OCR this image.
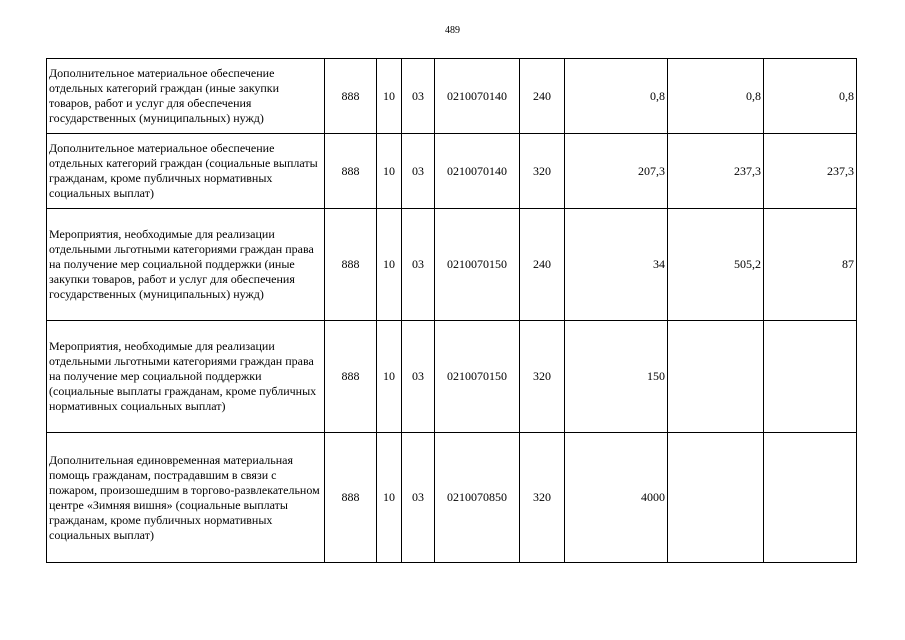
489
Дополнительное материальное обеспечение отдельных категорий граждан (иные закупки товаров, работ и услуг для обеспечения государственных (муниципальных) нужд)	888	10	03	0210070140	240	0,8	0,8	0,8
Дополнительное материальное обеспечение отдельных категорий граждан (социальные выплаты гражданам, кроме публичных нормативных социальных выплат)	888	10	03	0210070140	320	207,3	237,3	237,3
Мероприятия, необходимые для реализации отдельными льготными категориями граждан права на получение мер социальной поддержки (иные закупки товаров, работ и услуг для обеспечения государственных (муниципальных) нужд)	888	10	03	0210070150	240	34	505,2	87
Мероприятия, необходимые для реализации отдельными льготными категориями граждан права на получение мер социальной поддержки (социальные выплаты гражданам, кроме публичных нормативных социальных выплат)	888	10	03	0210070150	320	150		
Дополнительная единовременная материальная помощь гражданам, пострадавшим в связи с пожаром, произошедшим в торгово-развлекательном центре «Зимняя вишня» (социальные выплаты гражданам, кроме публичных нормативных социальных выплат)	888	10	03	0210070850	320	4000		
